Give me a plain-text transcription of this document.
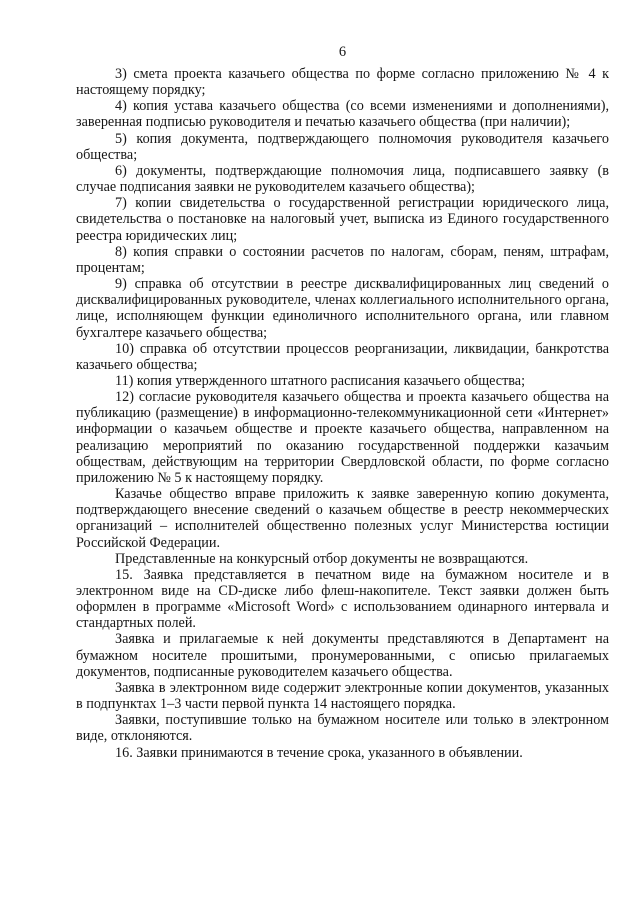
6

3) смета проекта казачьего общества по форме согласно приложению № 4 к настоящему порядку;

4) копия устава казачьего общества (со всеми изменениями и дополнениями), заверенная подписью руководителя и печатью казачьего общества (при наличии);

5) копия документа, подтверждающего полномочия руководителя казачьего общества;

6) документы, подтверждающие полномочия лица, подписавшего заявку (в случае подписания заявки не руководителем казачьего общества);

7) копии свидетельства о государственной регистрации юридического лица, свидетельства о постановке на налоговый учет, выписка из Единого государственного реестра юридических лиц;

8) копия справки о состоянии расчетов по налогам, сборам, пеням, штрафам, процентам;

9) справка об отсутствии в реестре дисквалифицированных лиц сведений о дисквалифицированных руководителе, членах коллегиального исполнительного органа, лице, исполняющем функции единоличного исполнительного органа, или главном бухгалтере казачьего общества;

10) справка об отсутствии процессов реорганизации, ликвидации, банкротства казачьего общества;

11) копия утвержденного штатного расписания казачьего общества;

12) согласие руководителя казачьего общества и проекта казачьего общества на публикацию (размещение) в информационно-телекоммуникационной сети «Интернет» информации о казачьем обществе и проекте казачьего общества, направленном на реализацию мероприятий по оказанию государственной поддержки казачьим обществам, действующим на территории Свердловской области, по форме согласно приложению № 5 к настоящему порядку.

Казачье общество вправе приложить к заявке заверенную копию документа, подтверждающего внесение сведений о казачьем обществе в реестр некоммерческих организаций – исполнителей общественно полезных услуг Министерства юстиции Российской Федерации.

Представленные на конкурсный отбор документы не возвращаются.

15. Заявка представляется в печатном виде на бумажном носителе и в электронном виде на CD-диске либо флеш-накопителе. Текст заявки должен быть оформлен в программе «Microsoft Word» с использованием одинарного интервала и стандартных полей.

Заявка и прилагаемые к ней документы представляются в Департамент на бумажном носителе прошитыми, пронумерованными, с описью прилагаемых документов, подписанные руководителем казачьего общества.

Заявка в электронном виде содержит электронные копии документов, указанных в подпунктах 1–3 части первой пункта 14 настоящего порядка.

Заявки, поступившие только на бумажном носителе или только в электронном виде, отклоняются.

16. Заявки принимаются в течение срока, указанного в объявлении.
